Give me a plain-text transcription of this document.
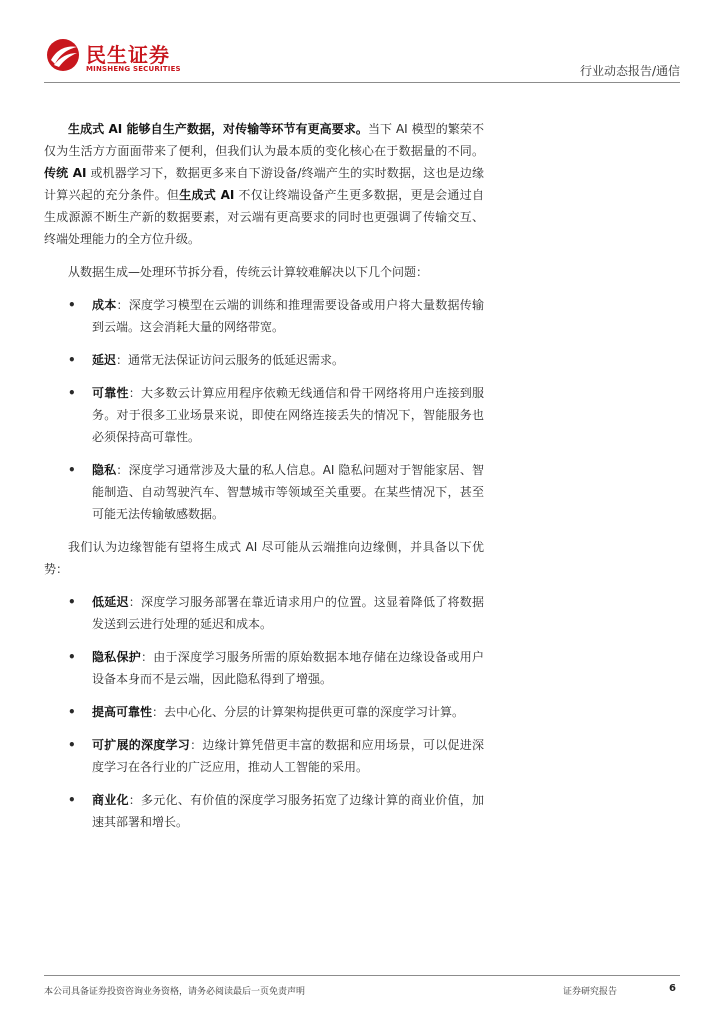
民生证券
MINSHENG SECURITIES	行业动态报告/通信

生成式 AI 能够自生产数据，对传输等环节有更高要求。当下 AI 模型的繁荣不仅为生活方方面面带来了便利，但我们认为最本质的变化核心在于数据量的不同。传统 AI 或机器学习下，数据更多来自下游设备/终端产生的实时数据，这也是边缘计算兴起的充分条件。但生成式 AI 不仅让终端设备产生更多数据，更是会通过自生成源源不断生产新的数据要素，对云端有更高要求的同时也更强调了传输交互、终端处理能力的全方位升级。

从数据生成—处理环节拆分看，传统云计算较难解决以下几个问题：

• 成本：深度学习模型在云端的训练和推理需要设备或用户将大量数据传输到云端。这会消耗大量的网络带宽。
• 延迟：通常无法保证访问云服务的低延迟需求。
• 可靠性：大多数云计算应用程序依赖无线通信和骨干网络将用户连接到服务。对于很多工业场景来说，即使在网络连接丢失的情况下，智能服务也必须保持高可靠性。
• 隐私：深度学习通常涉及大量的私人信息。AI 隐私问题对于智能家居、智能制造、自动驾驶汽车、智慧城市等领域至关重要。在某些情况下，甚至可能无法传输敏感数据。

我们认为边缘智能有望将生成式 AI 尽可能从云端推向边缘侧，并具备以下优势：

• 低延迟：深度学习服务部署在靠近请求用户的位置。这显着降低了将数据发送到云进行处理的延迟和成本。
• 隐私保护：由于深度学习服务所需的原始数据本地存储在边缘设备或用户设备本身而不是云端，因此隐私得到了增强。
• 提高可靠性：去中心化、分层的计算架构提供更可靠的深度学习计算。
• 可扩展的深度学习：边缘计算凭借更丰富的数据和应用场景，可以促进深度学习在各行业的广泛应用，推动人工智能的采用。
• 商业化：多元化、有价值的深度学习服务拓宽了边缘计算的商业价值，加速其部署和增长。
本公司具备证券投资咨询业务资格，请务必阅读最后一页免责声明	证券研究报告	6
